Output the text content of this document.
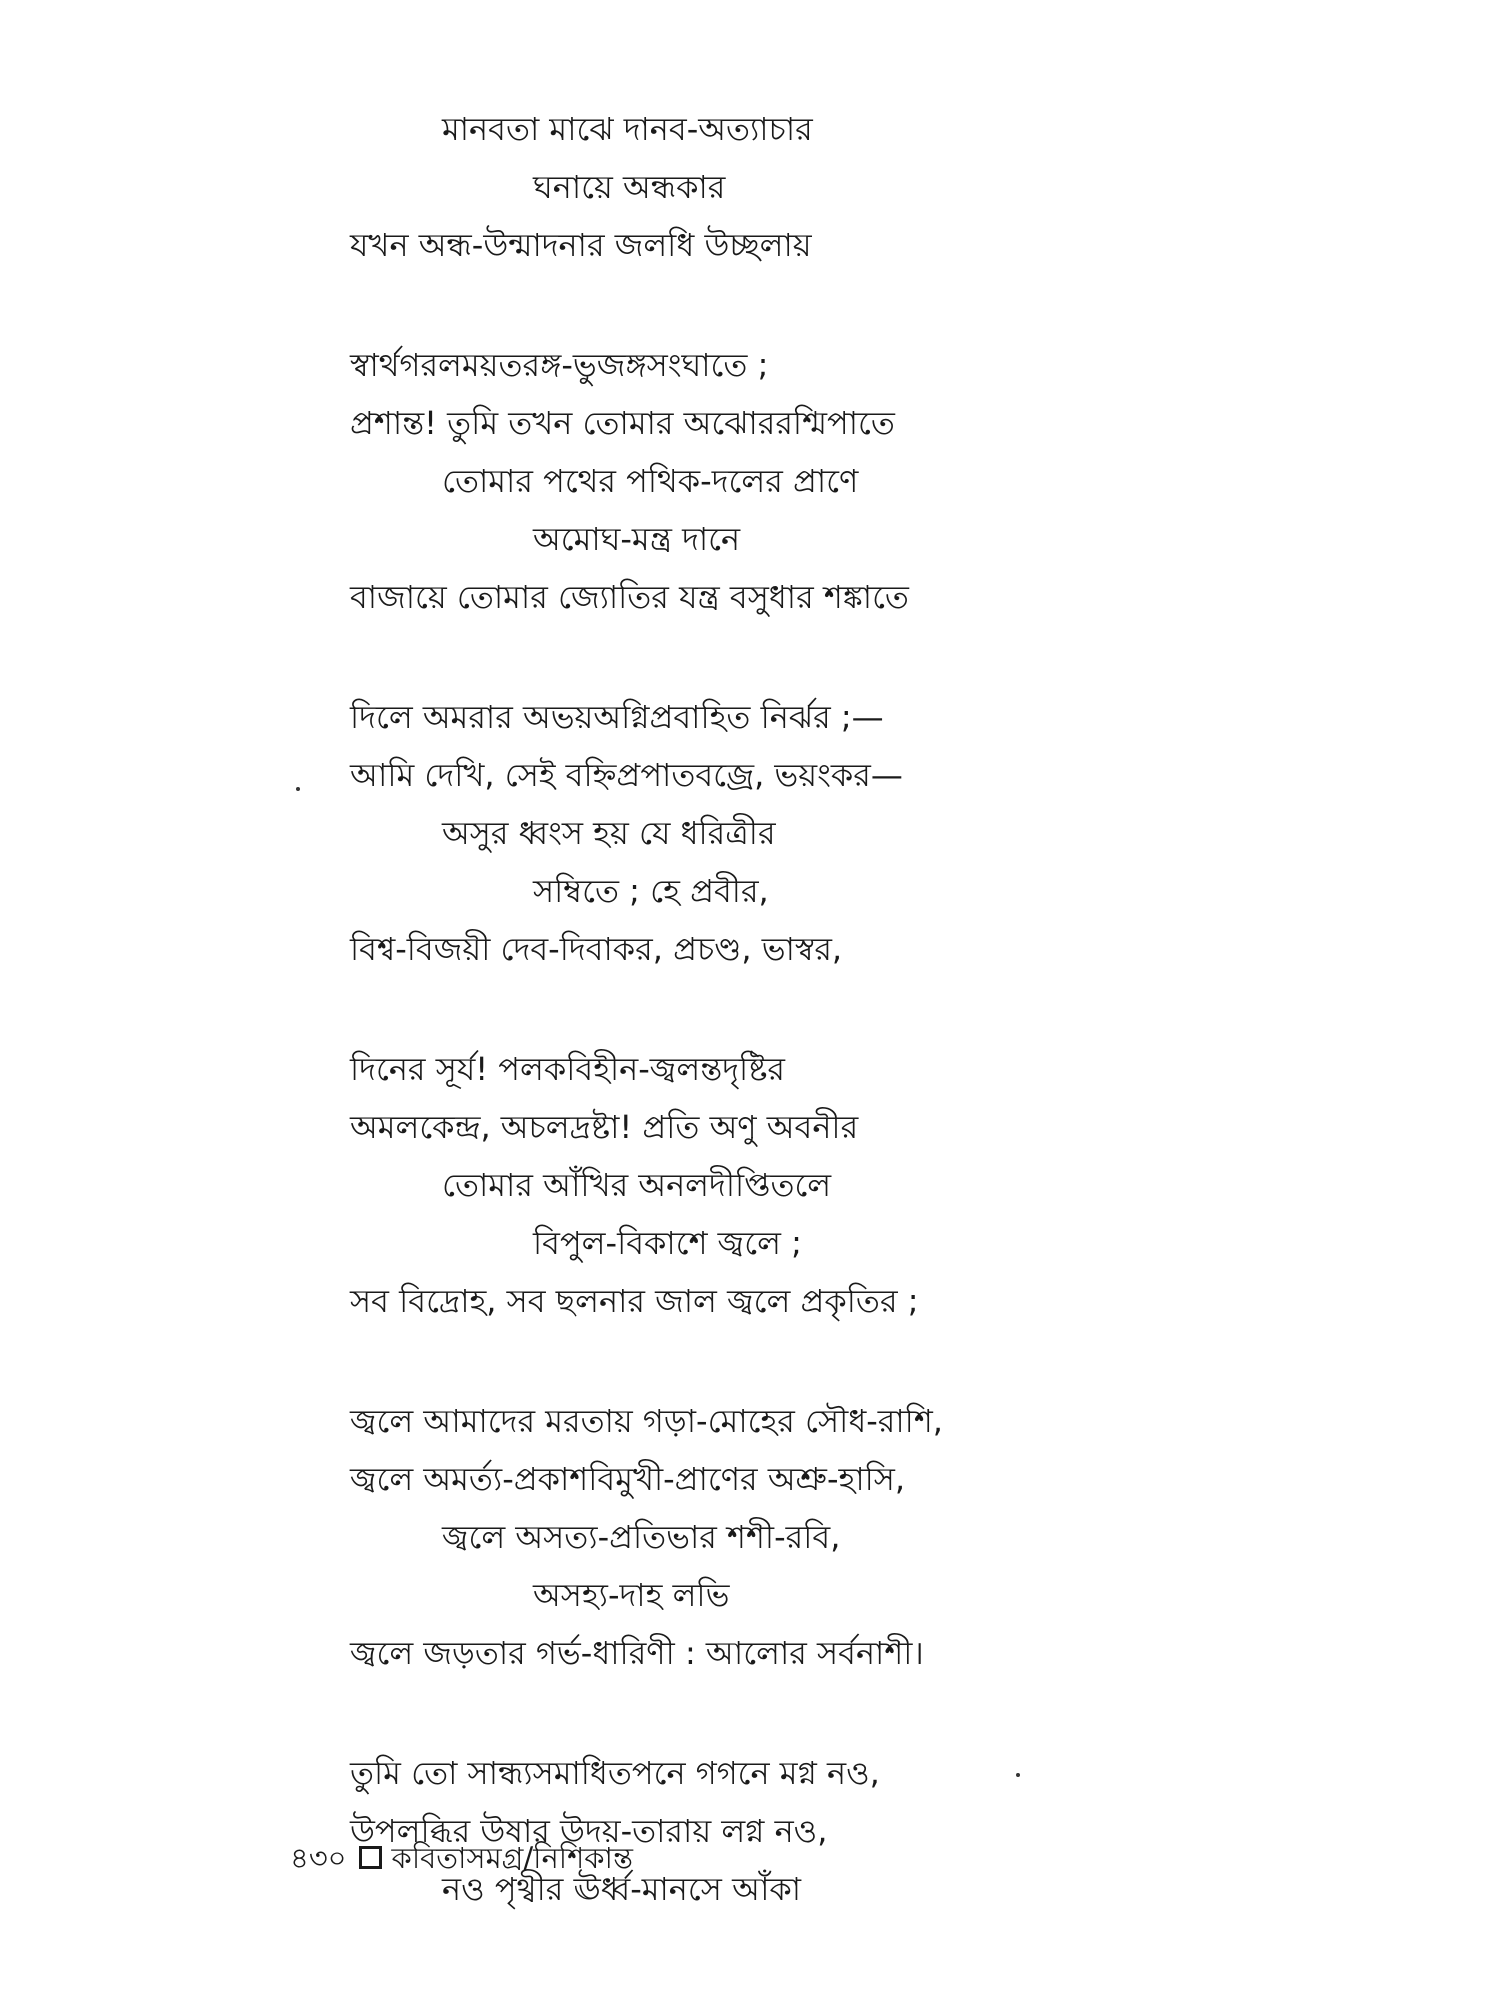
মানবতা মাঝে দানব-অত্যাচার
ঘনায়ে অন্ধকার
যখন অন্ধ-উন্মাদনার জলধি উচ্ছলায়
স্বার্থগরলময়তরঙ্গ-ভুজঙ্গসংঘাতে ;
প্রশান্ত! তুমি তখন তোমার অঝোররশ্মিপাতে
তোমার পথের পথিক-দলের প্রাণে
অমোঘ-মন্ত্র দানে
বাজায়ে তোমার জ্যোতির যন্ত্র বসুধার শঙ্কাতে
দিলে অমরার অভয়অগ্নিপ্রবাহিত নির্ঝর ;—
আমি দেখি, সেই বহ্নিপ্রপাতবজ্রে, ভয়ংকর—
অসুর ধ্বংস হয় যে ধরিত্রীর
সম্বিতে ; হে প্রবীর,
বিশ্ব-বিজয়ী দেব-দিবাকর, প্রচণ্ড, ভাস্বর,
দিনের সূর্য! পলকবিহীন-জ্বলন্তদৃষ্টির
অমলকেন্দ্র, অচলদ্রষ্টা! প্রতি অণু অবনীর
তোমার আঁখির অনলদীপ্তিতলে
বিপুল-বিকাশে জ্বলে ;
সব বিদ্রোহ, সব ছলনার জাল জ্বলে প্রকৃতির ;
জ্বলে আমাদের মরতায় গড়া-মোহের সৌধ-রাশি,
জ্বলে অমর্ত্য-প্রকাশবিমুখী-প্রাণের অশ্রু-হাসি,
জ্বলে অসত্য-প্রতিভার শশী-রবি,
অসহ্য-দাহ লভি
জ্বলে জড়তার গর্ভ-ধারিণী : আলোর সর্বনাশী।
তুমি তো সান্ধ্যসমাধিতপনে গগনে মগ্ন নও,
উপলব্ধির উষার উদয়-তারায় লগ্ন নও,
নও পৃথ্বীর ঊর্ধ্ব-মানসে আঁকা
৪৩০ কবিতাসমগ্র/নিশিকান্ত
